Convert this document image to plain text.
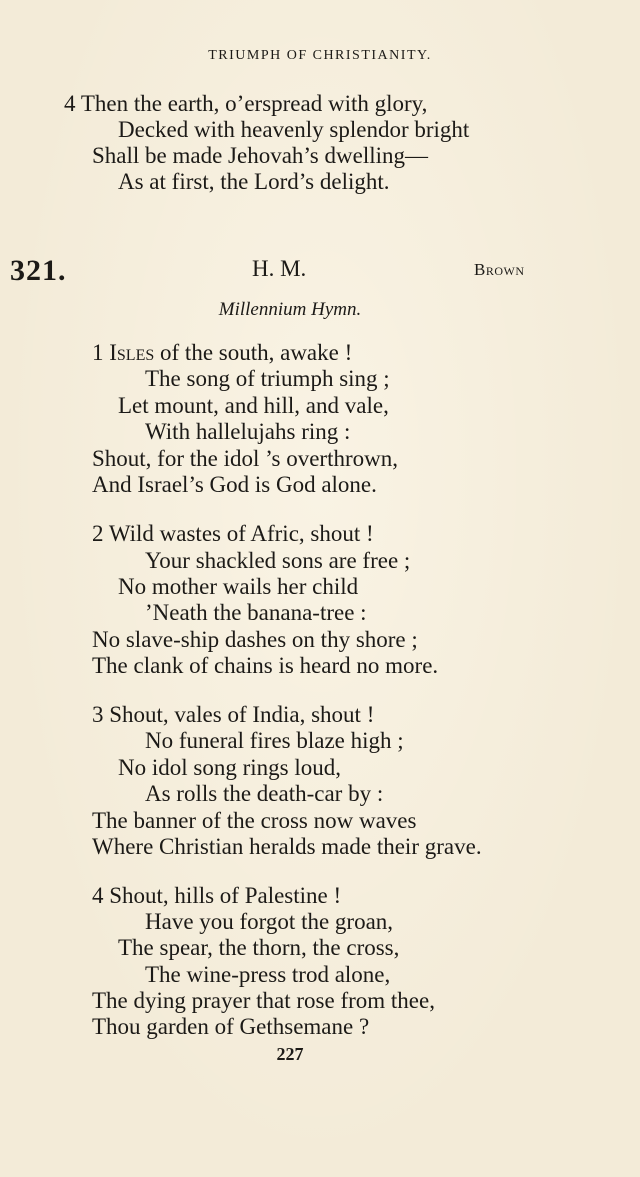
TRIUMPH OF CHRISTIANITY.
4 Then the earth, o’erspread with glory,
Decked with heavenly splendor bright
Shall be made Jehovah’s dwelling—
As at first, the Lord’s delight.
321.	H. M.	Brown
Millennium Hymn.
1 Isles of the south, awake !
The song of triumph sing ;
Let mount, and hill, and vale,
With hallelujahs ring :
Shout, for the idol ’s overthrown,
And Israel’s God is God alone.
2 Wild wastes of Afric, shout !
Your shackled sons are free ;
No mother wails her child
’Neath the banana-tree :
No slave-ship dashes on thy shore ;
The clank of chains is heard no more.
3 Shout, vales of India, shout !
No funeral fires blaze high ;
No idol song rings loud,
As rolls the death-car by :
The banner of the cross now waves
Where Christian heralds made their grave.
4 Shout, hills of Palestine !
Have you forgot the groan,
The spear, the thorn, the cross,
The wine-press trod alone,
The dying prayer that rose from thee,
Thou garden of Gethsemane ?
227
